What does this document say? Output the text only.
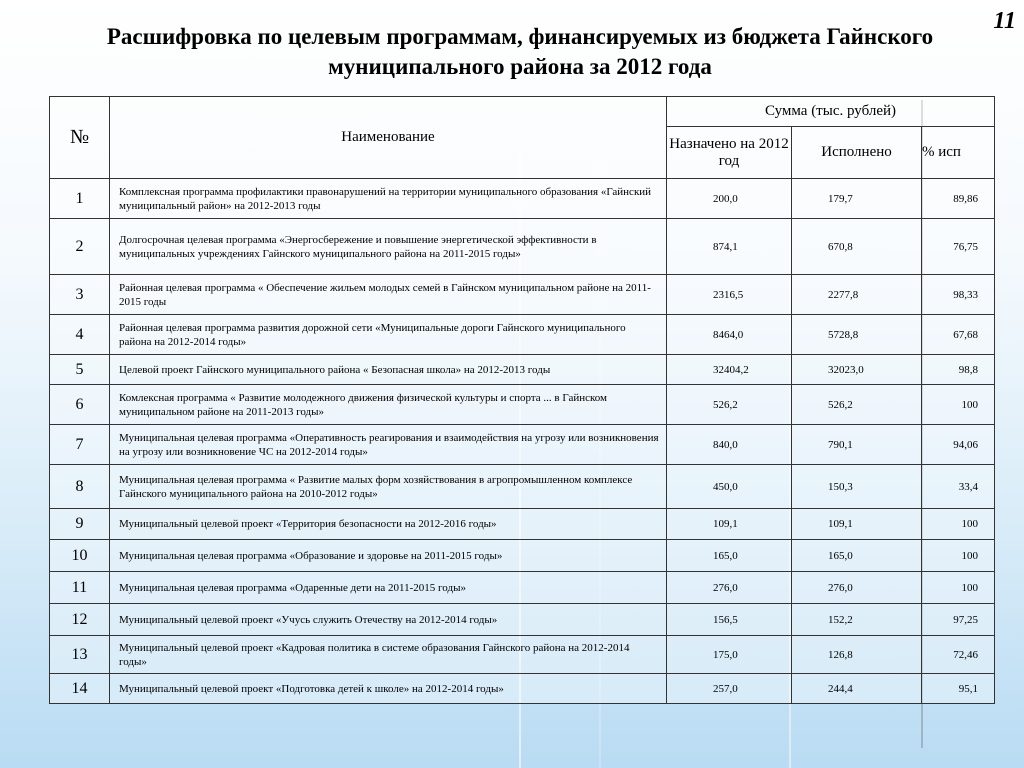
11
Расшифровка по целевым программам, финансируемых из бюджета Гайнского
муниципального района за 2012 года
№	Наименование	Сумма (тыс. рублей)		
		Назначено на 2012 год	Исполнено	% исп
1	Комплексная программа профилактики правонарушений на территории муниципального образования «Гайнский муниципальный район» на 2012-2013 годы	200,0	179,7	89,86
2	Долгосрочная целевая программа «Энергосбережение и повышение энергетической эффективности в муниципальных учреждениях Гайнского муниципального района на 2011-2015 годы»	874,1	670,8	76,75
3	Районная целевая программа « Обеспечение жильем молодых семей в Гайнском муниципальном районе на 2011-2015 годы	2316,5	2277,8	98,33
4	Районная целевая программа развития дорожной сети «Муниципальные дороги Гайнского муниципального района на 2012-2014 годы»	8464,0	5728,8	67,68
5	Целевой проект Гайнского муниципального района « Безопасная школа» на 2012-2013 годы	32404,2	32023,0	98,8
6	Комлексная программа « Развитие молодежного движения физической культуры и спорта ... в Гайнском муниципальном районе на 2011-2013 годы»	526,2	526,2	100
7	Муниципальная целевая программа «Оперативность реагирования и взаимодействия на угрозу или возникновения на угрозу или возникновение ЧС на 2012-2014 годы»	840,0	790,1	94,06
8	Муниципальная целевая программа « Развитие малых форм хозяйствования в агропромышленном комплексе Гайнского муниципального района на 2010-2012 годы»	450,0	150,3	33,4
9	Муниципальный целевой проект «Территория безопасности на 2012-2016 годы»	109,1	109,1	100
10	Муниципальная целевая программа «Образование и здоровье на 2011-2015 годы»	165,0	165,0	100
11	Муниципальная целевая программа «Одаренные дети на 2011-2015 годы»	276,0	276,0	100
12	Муниципальный целевой проект «Учусь служить Отечеству на 2012-2014 годы»	156,5	152,2	97,25
13	Муниципальный целевой проект «Кадровая политика в системе образования Гайнского района на 2012-2014 годы»	175,0	126,8	72,46
14	Муниципальный целевой проект «Подготовка детей к школе» на 2012-2014 годы»	257,0	244,4	95,1
